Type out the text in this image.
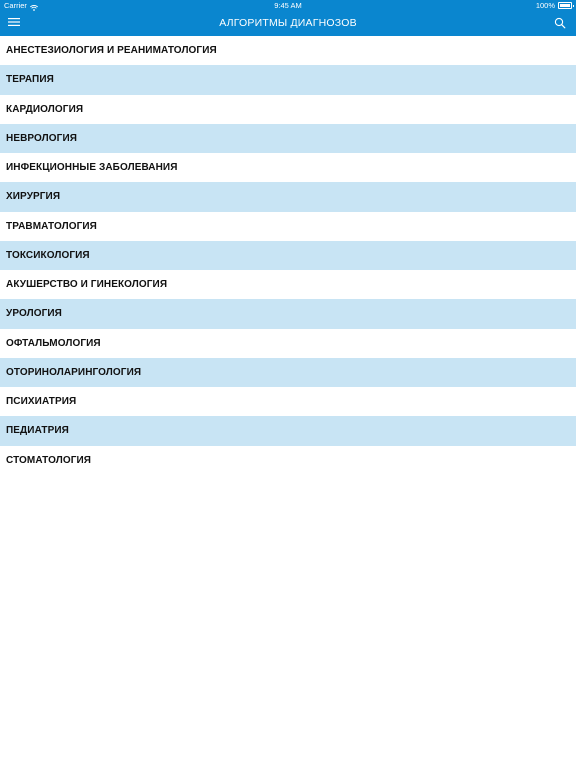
Carrier	9:45 AM	100%
АЛГОРИТМЫ ДИАГНОЗОВ
АНЕСТЕЗИОЛОГИЯ И РЕАНИМАТОЛОГИЯ
ТЕРАПИЯ
КАРДИОЛОГИЯ
НЕВРОЛОГИЯ
ИНФЕКЦИОННЫЕ ЗАБОЛЕВАНИЯ
ХИРУРГИЯ
ТРАВМАТОЛОГИЯ
ТОКСИКОЛОГИЯ
АКУШЕРСТВО И ГИНЕКОЛОГИЯ
УРОЛОГИЯ
ОФТАЛЬМОЛОГИЯ
ОТОРИНОЛАРИНГОЛОГИЯ
ПСИХИАТРИЯ
ПЕДИАТРИЯ
СТОМАТОЛОГИЯ
